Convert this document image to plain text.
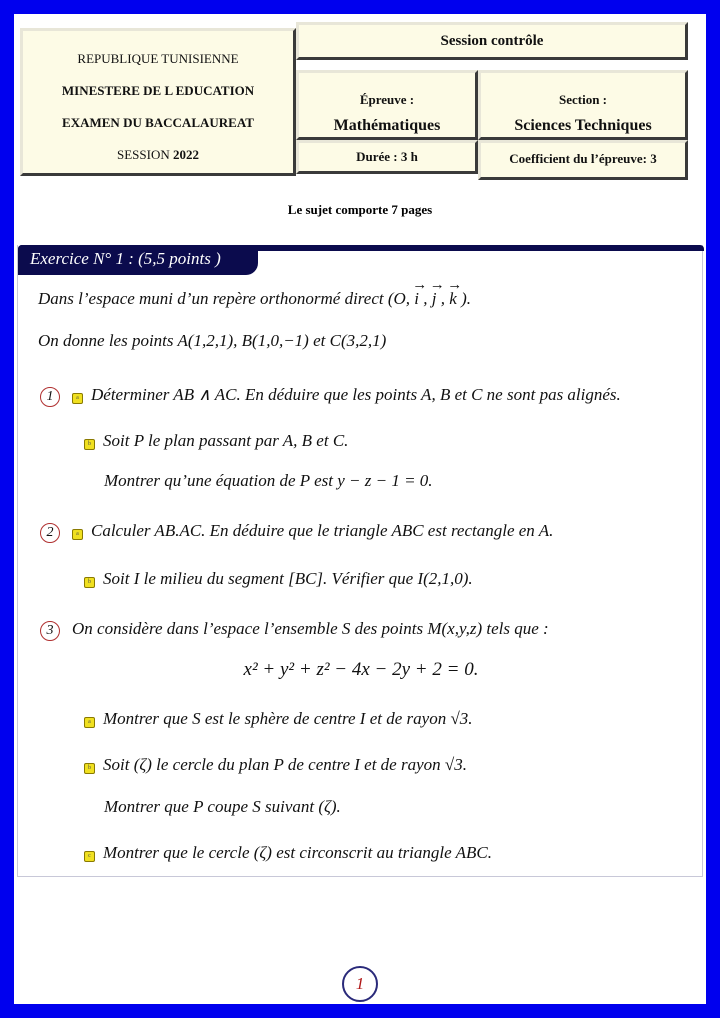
REPUBLIQUE TUNISIENNE
MINESTERE DE L EDUCATION
EXAMEN DU BACCALAUREAT
SESSION 2022
Session contrôle
Épreuve :
Mathématiques
Section :
Sciences Techniques
Durée : 3 h	Coefficient du l’épreuve: 3
Le sujet comporte 7 pages
Exercice N° 1 : (5,5 points )
Dans l’espace muni d’un repère orthonormé direct (O, → i , → j , → k ).
On donne les points A(1,2,1), B(1,0,−1) et C(3,2,1)
1	a Déterminer AB ∧ AC. En déduire que les points A, B et C ne sont pas alignés.
b Soit P le plan passant par A, B et C.
Montrer qu’une équation de P est y − z − 1 = 0.
2	a Calculer AB.AC. En déduire que le triangle ABC est rectangle en A.
b Soit I le milieu du segment [BC]. Vérifier que I(2,1,0).
3 On considère dans l’espace l’ensemble S des points M(x,y,z) tels que :
x² + y² + z² − 4x − 2y + 2 = 0.
a Montrer que S est le sphère de centre I et de rayon √3.
b Soit (ζ) le cercle du plan P de centre I et de rayon √3.
Montrer que P coupe S suivant (ζ).
c Montrer que le cercle (ζ) est circonscrit au triangle ABC.
1
